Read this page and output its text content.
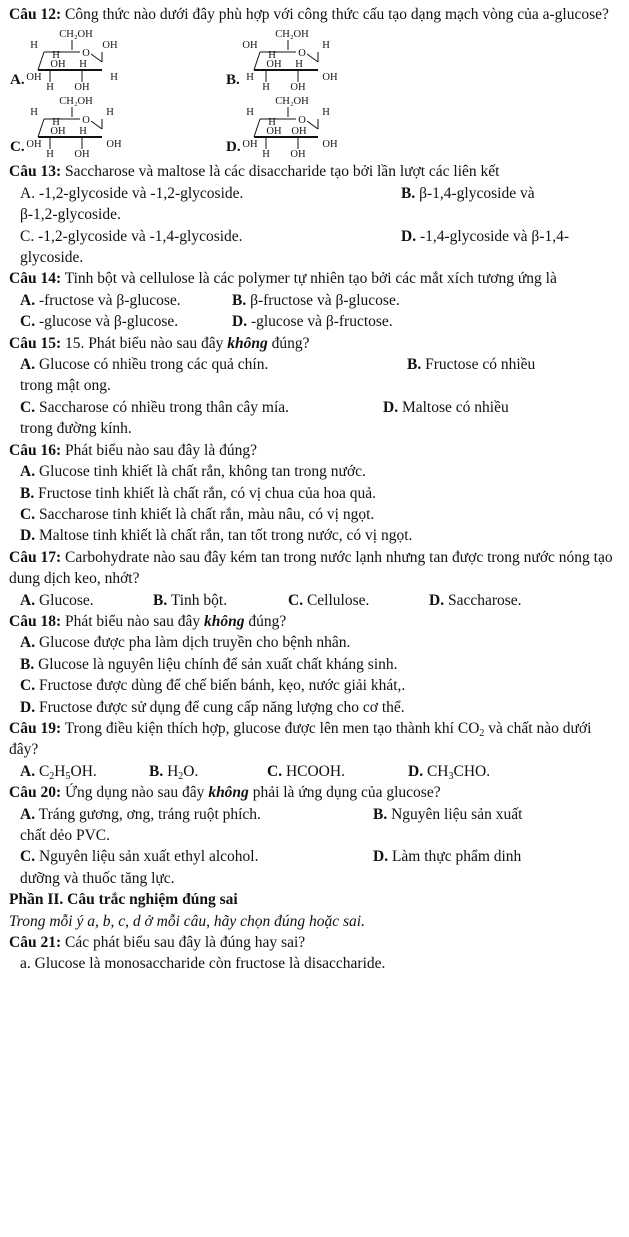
Câu 12: Công thức nào dưới đây phù hợp với công thức cấu tạo dạng mạch vòng của a-glucose?

A.
CH₂OH
O
H
H
OH
OH H
OH	H
H OH	B.
CH₂OH
O
OH
H
H
OH H
H	OH
H OH
C.
CH₂OH
O
H
H
H
OH H
OH	OH
H OH	D.
CH₂OH
O
H
H
H
OH OH
OH	OH
H OH

Câu 13: Saccharose và maltose là các disaccharide tạo bởi lần lượt các liên kết

A. -1,2-glycoside và -1,2-glycoside.	B. β-1,4-glycoside và
β-1,2-glycoside.
C. -1,2-glycoside và -1,4-glycoside.	D. -1,4-glycoside và β-1,4-
glycoside.

Câu 14: Tinh bột và cellulose là các polymer tự nhiên tạo bởi các mắt xích tương ứng là

A. -fructose và β-glucose.	B. β-fructose và β-glucose.
C. -glucose và β-glucose.	D. -glucose và β-fructose.

Câu 15: 15. Phát biểu nào sau đây không đúng?

A. Glucose có nhiều trong các quả chín.	B. Fructose có nhiều
trong mật ong.
C. Saccharose có nhiều trong thân cây mía.	D. Maltose có nhiều
trong đường kính.

Câu 16: Phát biểu nào sau đây là đúng?

A. Glucose tinh khiết là chất rắn, không tan trong nước.
B. Fructose tinh khiết là chất rắn, có vị chua của hoa quả.
C. Saccharose tinh khiết là chất rắn, màu nâu, có vị ngọt.
D. Maltose tinh khiết là chất rắn, tan tốt trong nước, có vị ngọt.

Câu 17: Carbohydrate nào sau đây kém tan trong nước lạnh nhưng tan được trong nước nóng tạo dung dịch keo, nhớt?

A. Glucose.	B. Tinh bột.	C. Cellulose.	D. Saccharose.

Câu 18: Phát biểu nào sau đây không đúng?

A. Glucose được pha làm dịch truyền cho bệnh nhân.
B. Glucose là nguyên liệu chính để sản xuất chất kháng sinh.
C. Fructose được dùng để chế biến bánh, kẹo, nước giải khát,.
D. Fructose được sử dụng để cung cấp năng lượng cho cơ thể.

Câu 19: Trong điều kiện thích hợp, glucose được lên men tạo thành khí $CO_2$ và chất nào dưới đây?

A. $C_2H_5OH$.	B. $H_2O$.	C. HCOOH.	D. $CH_3CHO$.

Câu 20: Ứng dụng nào sau đây không phải là ứng dụng của glucose?

A. Tráng gương, ơng, tráng ruột phích.	B. Nguyên liệu sản xuất
chất dẻo PVC.
C. Nguyên liệu sản xuất ethyl alcohol.	D. Làm thực phẩm dinh
dưỡng và thuốc tăng lực.
Phần II. Câu trắc nghiệm đúng sai
Trong mỗi ý a, b, c, d ở mỗi câu, hãy chọn đúng hoặc sai.

Câu 21: Các phát biểu sau đây là đúng hay sai?

a. Glucose là monosaccharide còn fructose là disaccharide.
